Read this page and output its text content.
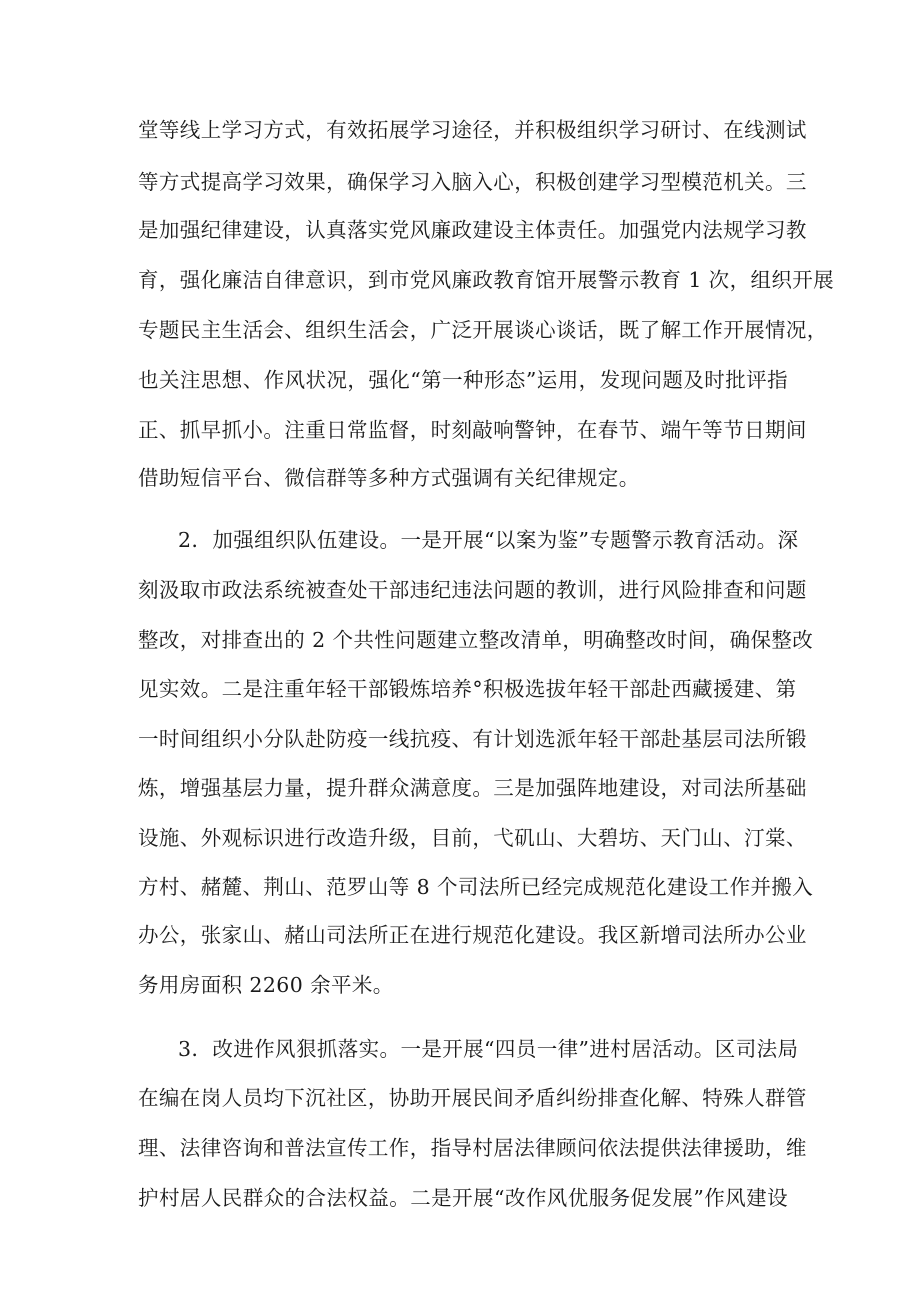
堂等线上学习方式，有效拓展学习途径，并积极组织学习研讨、在线测试
等方式提高学习效果，确保学习入脑入心，积极创建学习型模范机关。三
是加强纪律建设，认真落实党风廉政建设主体责任。加强党内法规学习教
育，强化廉洁自律意识，到市党风廉政教育馆开展警示教育 1 次，组织开展
专题民主生活会、组织生活会，广泛开展谈心谈话，既了解工作开展情况，
也关注思想、作风状况，强化“第一种形态”运用，发现问题及时批评指
正、抓早抓小。注重日常监督，时刻敲响警钟，在春节、端午等节日期间
借助短信平台、微信群等多种方式强调有关纪律规定。
2．加强组织队伍建设。一是开展“以案为鉴”专题警示教育活动。深
刻汲取市政法系统被查处干部违纪违法问题的教训，进行风险排查和问题
整改，对排查出的 2 个共性问题建立整改清单，明确整改时间，确保整改
见实效。二是注重年轻干部锻炼培养°积极选拔年轻干部赴西藏援建、第
一时间组织小分队赴防疫一线抗疫、有计划选派年轻干部赴基层司法所锻
炼，增强基层力量，提升群众满意度。三是加强阵地建设，对司法所基础
设施、外观标识进行改造升级，目前，弋矶山、大碧坊、天门山、汀棠、
方村、赭麓、荆山、范罗山等 8 个司法所已经完成规范化建设工作并搬入
办公，张家山、赭山司法所正在进行规范化建设。我区新增司法所办公业
务用房面积 2260 余平米。
3．改进作风狠抓落实。一是开展“四员一律”进村居活动。区司法局
在编在岗人员均下沉社区，协助开展民间矛盾纠纷排查化解、特殊人群管
理、法律咨询和普法宣传工作，指导村居法律顾问依法提供法律援助，维
护村居人民群众的合法权益。二是开展“改作风优服务促发展”作风建设
